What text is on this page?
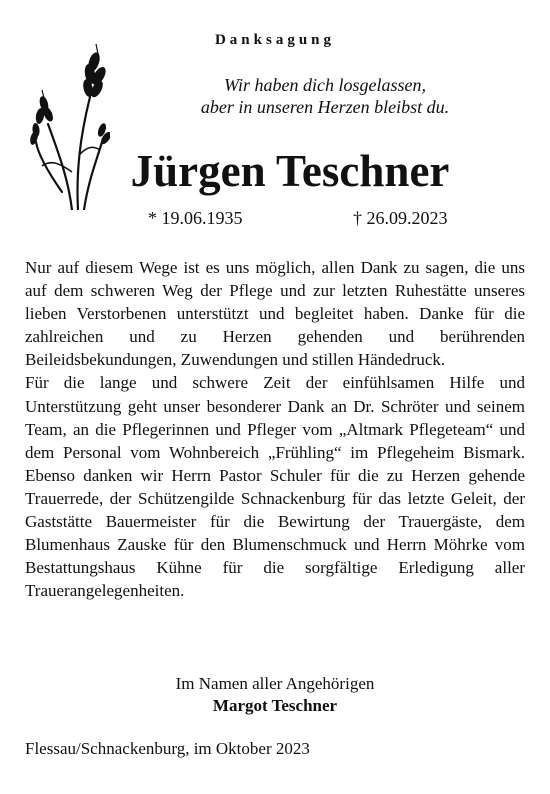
Danksagung
Wir haben dich losgelassen,
aber in unseren Herzen bleibst du.
Jürgen Teschner
* 19.06.1935	† 26.09.2023

Nur auf diesem Wege ist es uns möglich, allen Dank zu sagen, die uns auf dem schweren Weg der Pflege und zur letzten Ruhestätte unseres lieben Verstorbenen unterstützt und begleitet haben. Danke für die zahlreichen und zu Herzen gehenden und berührenden Beileidsbekundungen, Zuwendungen und stillen Händedruck.

Für die lange und schwere Zeit der einfühlsamen Hilfe und Unterstützung geht unser besonderer Dank an Dr. Schröter und seinem Team, an die Pflegerinnen und Pfleger vom „Altmark Pflegeteam“ und dem Personal vom Wohnbereich „Frühling“ im Pflegeheim Bismark. Ebenso danken wir Herrn Pastor Schuler für die zu Herzen gehende Trauerrede, der Schützengilde Schnackenburg für das letzte Geleit, der Gaststätte Bauermeister für die Bewirtung der Trauergäste, dem Blumenhaus Zauske für den Blumenschmuck und Herrn Möhrke vom Bestattungshaus Kühne für die sorgfältige Erledigung aller Trauerangelegenheiten.

Im Namen aller Angehörigen
Margot Teschner
Flessau/Schnackenburg, im Oktober 2023
